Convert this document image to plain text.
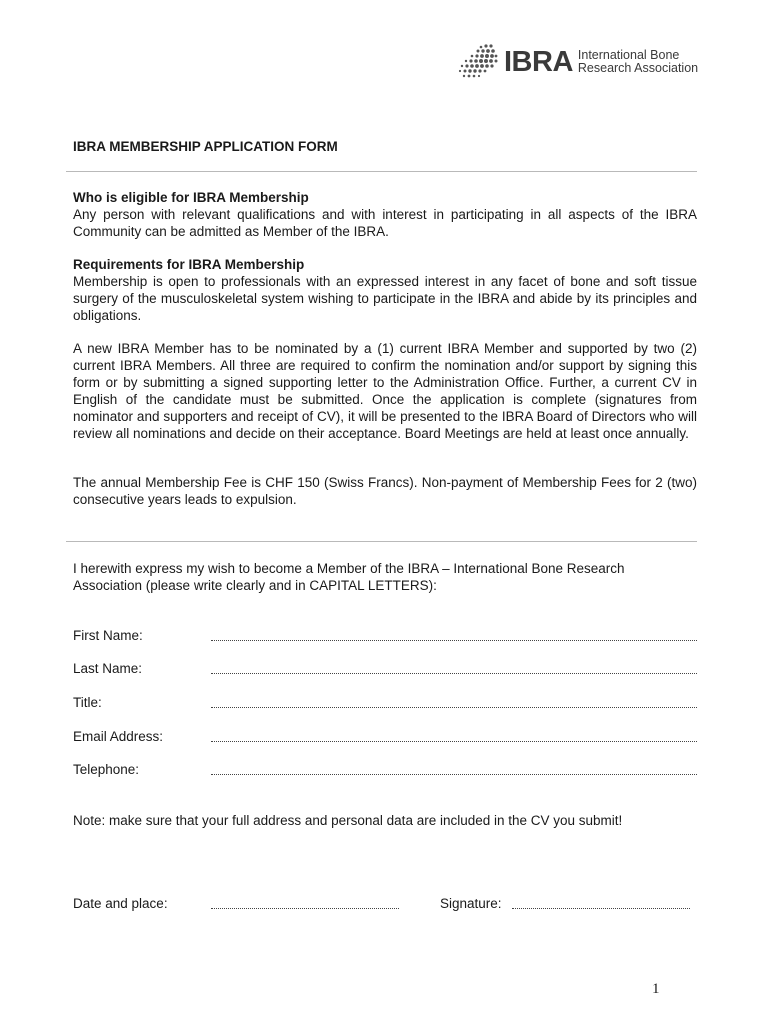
IBRA International Bone
Research Association
IBRA MEMBERSHIP APPLICATION FORM
Who is eligible for IBRA Membership
Any person with relevant qualifications and with interest in participating in all aspects of the IBRA Community can be admitted as Member of the IBRA.
Requirements for IBRA Membership
Membership is open to professionals with an expressed interest in any facet of bone and soft tissue surgery of the musculoskeletal system wishing to participate in the IBRA and abide by its principles and obligations.
A new IBRA Member has to be nominated by a (1) current IBRA Member and supported by two (2) current IBRA Members. All three are required to confirm the nomination and/or support by signing this form or by submitting a signed supporting letter to the Administration Office. Further, a current CV in English of the candidate must be submitted. Once the application is complete (signatures from nominator and supporters and receipt of CV), it will be presented to the IBRA Board of Directors who will review all nominations and decide on their acceptance. Board Meetings are held at least once annually.
The annual Membership Fee is CHF 150 (Swiss Francs). Non-payment of Membership Fees for 2 (two) consecutive years leads to expulsion.
I herewith express my wish to become a Member of the IBRA – International Bone Research Association (please write clearly and in CAPITAL LETTERS):
First Name:
Last Name:
Title:
Email Address:
Telephone:
Note: make sure that your full address and personal data are included in the CV you submit!
Date and place:	Signature:
1
